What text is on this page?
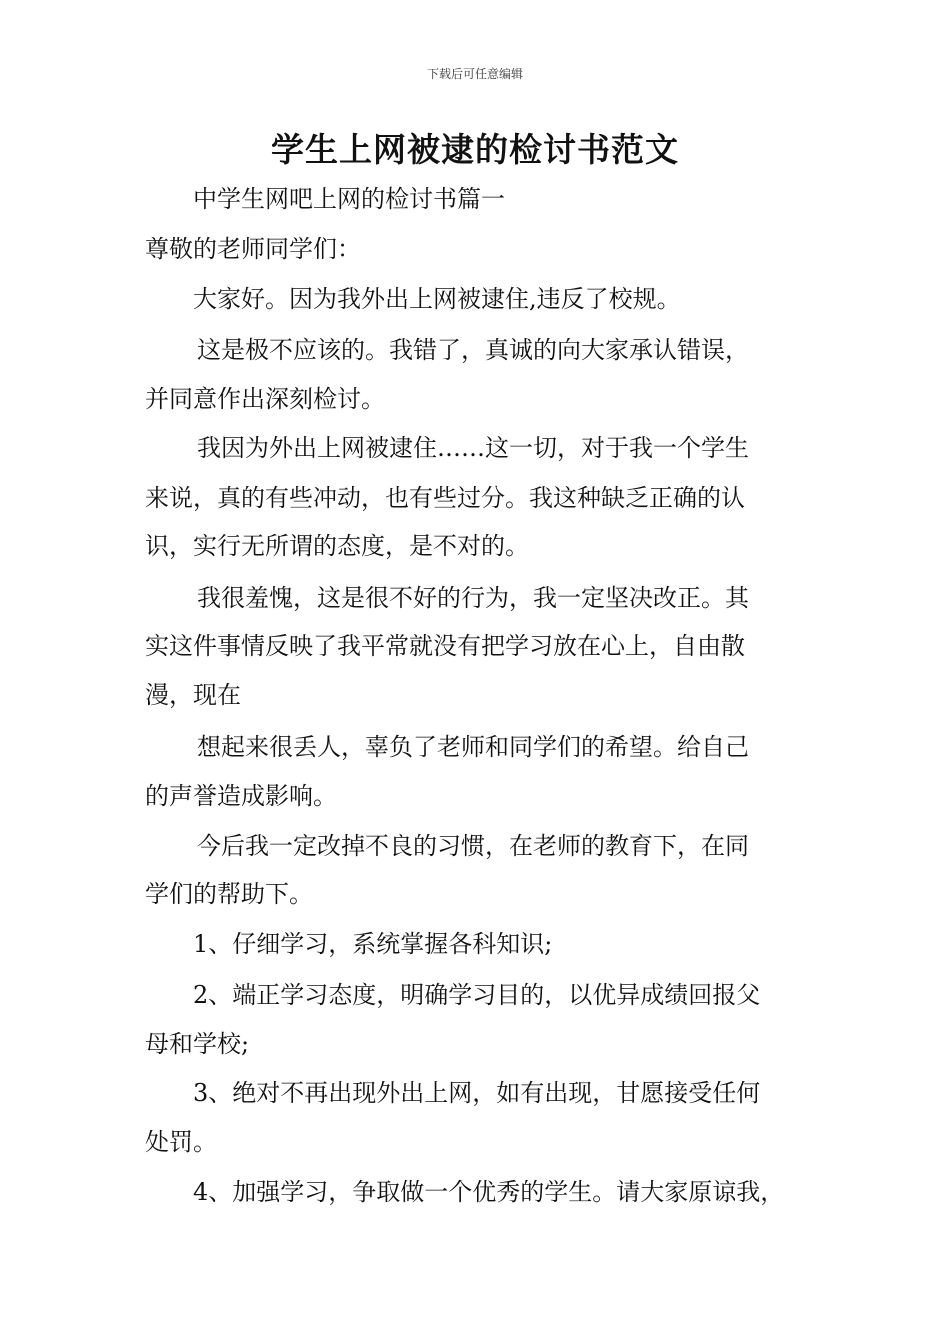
下载后可任意编辑
学生上网被逮的检讨书范文
中学生网吧上网的检讨书篇一
尊敬的老师同学们：
大家好。因为我外出上网被逮住,违反了校规。
这是极不应该的。我错了，真诚的向大家承认错误，
并同意作出深刻检讨。
我因为外出上网被逮住……这一切，对于我一个学生
来说，真的有些冲动，也有些过分。我这种缺乏正确的认
识，实行无所谓的态度，是不对的。
我很羞愧，这是很不好的行为，我一定坚决改正。其
实这件事情反映了我平常就没有把学习放在心上，自由散
漫，现在
想起来很丢人，辜负了老师和同学们的希望。给自己
的声誉造成影响。
今后我一定改掉不良的习惯，在老师的教育下，在同
学们的帮助下。
1、仔细学习，系统掌握各科知识;
2、端正学习态度，明确学习目的，以优异成绩回报父
母和学校;
3、绝对不再出现外出上网，如有出现，甘愿接受任何
处罚。
4、加强学习，争取做一个优秀的学生。请大家原谅我，
